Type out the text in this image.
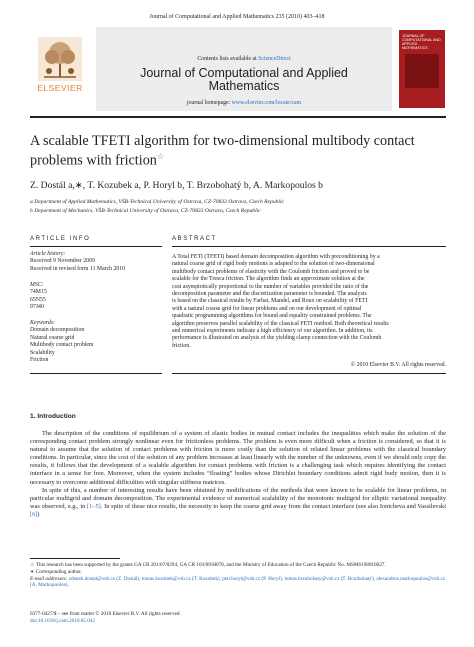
Journal of Computational and Applied Mathematics 235 (2010) 403–418
ELSEVIER
Contents lists available at ScienceDirect
Journal of Computational and Applied
Mathematics
journal homepage: www.elsevier.com/locate/cam
JOURNAL OF COMPUTATIONAL AND APPLIED MATHEMATICS
A scalable TFETI algorithm for two-dimensional multibody contact
problems with friction☆
Z. Dostál a,∗, T. Kozubek a, P. Horyl b, T. Brzobohatý b, A. Markopoulos b
a Department of Applied Mathematics, VŠB-Technical University of Ostrava, CZ-70833 Ostrava, Czech Republic
b Department of Mechanics, VŠB-Technical University of Ostrava, CZ-70833 Ostrava, Czech Republic
ARTICLE INFO	ABSTRACT
Article history:
Received 9 November 2009
Received in revised form 11 March 2010
MSC:
74M15
65N55
97J40
Keywords:
Domain decomposition
Natural coarse grid
Multibody contact problem
Scalability
Friction
A Total FETI (TFETI) based domain decomposition algorithm with preconditioning by a
natural coarse grid of rigid body motions is adapted to the solution of two-dimensional
multibody contact problems of elasticity with the Coulomb friction and proved to be
scalable for the Tresca friction. The algorithm finds an approximate solution at the
cost asymptotically proportional to the number of variables provided the ratio of the
decomposition parameter and the discretization parameter is bounded. The analysis
is based on the classical results by Farhat, Mandel, and Roux on scalability of FETI
with a natural coarse grid for linear problems and on our development of optimal
quadratic programming algorithms for bound and equality constrained problems. The
algorithm preserves parallel scalability of the classical FETI method. Both theoretical results
and numerical experiments indicate a high efficiency of our algorithm. In addition, its
performance is illustrated on analysis of the yielding clamp connection with the Coulomb
friction.
© 2010 Elsevier B.V. All rights reserved.
1. Introduction

The description of the conditions of equilibrium of a system of elastic bodies in mutual contact includes the inequalities which make the solution of the corresponding contact problem strongly nonlinear even for frictionless problems. The problem is even more difficult when a friction is considered, so that it is natural to assume that the solution of contact problems with friction is more costly than the solution of related linear problems with the classical boundary conditions. In particular, since the cost of the solution of any problem increases at least linearly with the number of the unknowns, even if we should only copy the results, it follows that the development of a scalable algorithm for contact problems with friction is a challenging task which requires identifying the contact interface in a sense for free. Moreover, when the system includes “floating” bodies whose Dirichlet boundary conditions admit rigid body motion, then it is necessary to overcome additional difficulties with singular stiffness matrices.

In spite of this, a number of interesting results have been obtained by modifications of the methods that were known to be scalable for linear problems, in particular multigrid and domain decomposition. The experimental evidence of numerical scalability of the monotonic multigrid for elliptic variational inequality was observed, e.g., in [1–5]. In spite of these nice results, the necessity to keep the coarse grid away from the contact interface (see also Iontcheva and Vassilevski [6])

☆ This research has been supported by the grants GA CR 201/07/0294, GA CR 103/09/H078, and the Ministry of Education of the Czech Republic No. MSM6198910027.
∗ Corresponding author.
E-mail addresses: zdenek.dostal@vsb.cz (Z. Dostál), tomas.kozubek@vsb.cz (T. Kozubek), petr.horyl@vsb.cz (P. Horyl), tomas.brzobohaty@vsb.cz (T. Brzobohatý), alexandros.markopoulos@vsb.cz (A. Markopoulos).
0377-0427/$ – see front matter © 2010 Elsevier B.V. All rights reserved.
doi:10.1016/j.cam.2010.05.042
